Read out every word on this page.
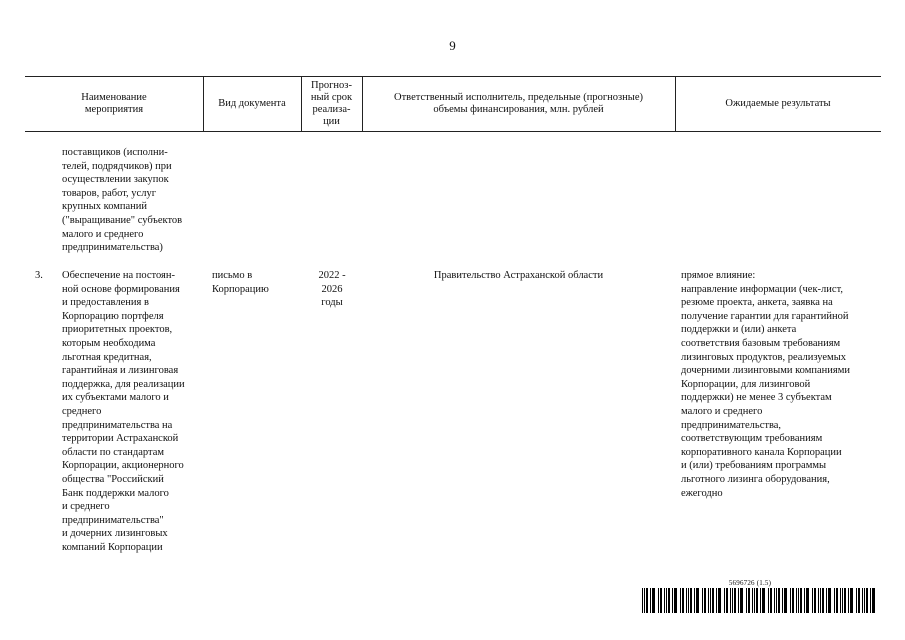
9
Наименование
мероприятия
Вид документа
Прогноз-
ный срок
реализа-
ции
Ответственный исполнитель, предельные (прогнозные)
объемы финансирования, млн. рублей
Ожидаемые результаты
поставщиков (исполни-
телей, подрядчиков) при
осуществлении закупок
товаров, работ, услуг
крупных компаний
("выращивание" субъектов
малого и среднего
предпринимательства)
3. Обеспечение на постоян-
ной основе формирования
и предоставления в
Корпорацию портфеля
приоритетных проектов,
которым необходима
льготная кредитная,
гарантийная и лизинговая
поддержка, для реализации
их субъектами малого и
среднего
предпринимательства на
территории Астраханской
области по стандартам
Корпорации, акционерного
общества "Российский
Банк поддержки малого
и среднего
предпринимательства"
и дочерних лизинговых
компаний Корпорации
письмо в
Корпорацию
2022 -
2026
годы
Правительство Астраханской области	прямое влияние:
направление информации (чек-лист,
резюме проекта, анкета, заявка на
получение гарантии для гарантийной
поддержки и (или) анкета
соответствия базовым требованиям
лизинговых продуктов, реализуемых
дочерними лизинговыми компаниями
Корпорации, для лизинговой
поддержки) не менее 3 субъектам
малого и среднего
предпринимательства,
соответствующим требованиям
корпоративного канала Корпорации
и (или) требованиям программы
льготного лизинга оборудования,
ежегодно
5696726 (1.5)
